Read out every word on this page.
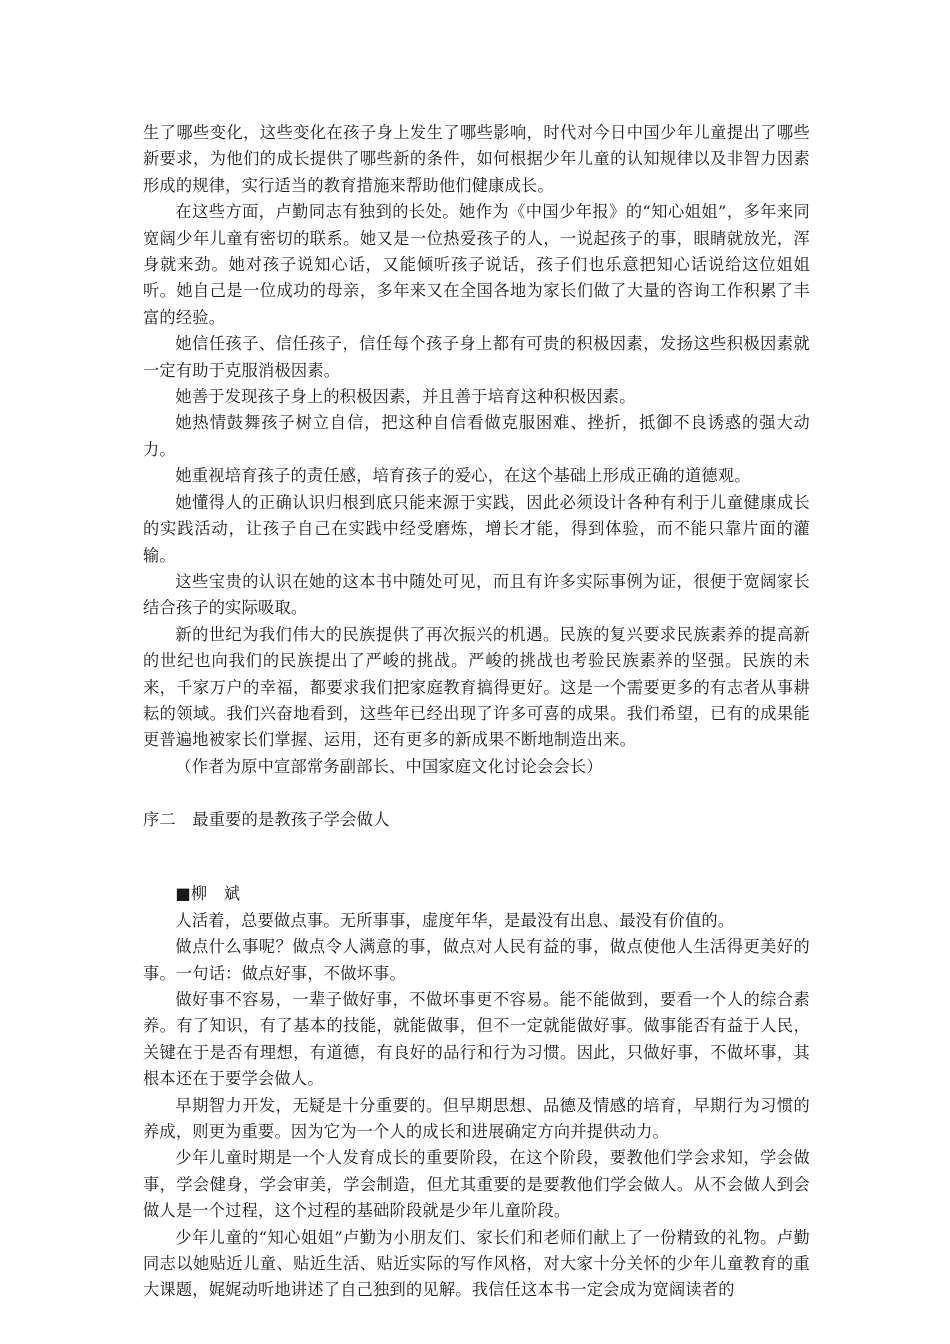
生了哪些变化，这些变化在孩子身上发生了哪些影响，时代对今日中国少年儿童提出了哪些新要求，为他们的成长提供了哪些新的条件，如何根据少年儿童的认知规律以及非智力因素形成的规律，实行适当的教育措施来帮助他们健康成长。

在这些方面，卢勤同志有独到的长处。她作为《中国少年报》的“知心姐姐”，多年来同宽阔少年儿童有密切的联系。她又是一位热爱孩子的人，一说起孩子的事，眼睛就放光，浑身就来劲。她对孩子说知心话，又能倾听孩子说话，孩子们也乐意把知心话说给这位姐姐听。她自己是一位成功的母亲，多年来又在全国各地为家长们做了大量的咨询工作积累了丰富的经验。

她信任孩子、信任孩子，信任每个孩子身上都有可贵的积极因素，发扬这些积极因素就一定有助于克服消极因素。

她善于发现孩子身上的积极因素，并且善于培育这种积极因素。

她热情鼓舞孩子树立自信，把这种自信看做克服困难、挫折，抵御不良诱惑的强大动力。

她重视培育孩子的责任感，培育孩子的爱心，在这个基础上形成正确的道德观。

她懂得人的正确认识归根到底只能来源于实践，因此必须设计各种有利于儿童健康成长的实践活动，让孩子自己在实践中经受磨炼，增长才能，得到体验，而不能只靠片面的灌输。

这些宝贵的认识在她的这本书中随处可见，而且有许多实际事例为证，很便于宽阔家长结合孩子的实际吸取。

新的世纪为我们伟大的民族提供了再次振兴的机遇。民族的复兴要求民族素养的提高新的世纪也向我们的民族提出了严峻的挑战。严峻的挑战也考验民族素养的坚强。民族的未来，千家万户的幸福，都要求我们把家庭教育搞得更好。这是一个需要更多的有志者从事耕耘的领域。我们兴奋地看到，这些年已经出现了许多可喜的成果。我们希望，已有的成果能更普遍地被家长们掌握、运用，还有更多的新成果不断地制造出来。

（作者为原中宣部常务副部长、中国家庭文化讨论会会长）

序二　最重要的是教孩子学会做人

■柳　斌

人活着，总要做点事。无所事事，虚度年华，是最没有出息、最没有价值的。

做点什么事呢？做点令人满意的事，做点对人民有益的事，做点使他人生活得更美好的事。一句话：做点好事，不做坏事。

做好事不容易，一辈子做好事，不做坏事更不容易。能不能做到，要看一个人的综合素养。有了知识，有了基本的技能，就能做事，但不一定就能做好事。做事能否有益于人民，关键在于是否有理想，有道德，有良好的品行和行为习惯。因此，只做好事，不做坏事，其根本还在于要学会做人。

早期智力开发，无疑是十分重要的。但早期思想、品德及情感的培育，早期行为习惯的养成，则更为重要。因为它为一个人的成长和进展确定方向并提供动力。

少年儿童时期是一个人发育成长的重要阶段，在这个阶段，要教他们学会求知，学会做事，学会健身，学会审美，学会制造，但尤其重要的是要教他们学会做人。从不会做人到会做人是一个过程，这个过程的基础阶段就是少年儿童阶段。

少年儿童的“知心姐姐”卢勤为小朋友们、家长们和老师们献上了一份精致的礼物。卢勤同志以她贴近儿童、贴近生活、贴近实际的写作风格，对大家十分关怀的少年儿童教育的重大课题，娓娓动听地讲述了自己独到的见解。我信任这本书一定会成为宽阔读者的
